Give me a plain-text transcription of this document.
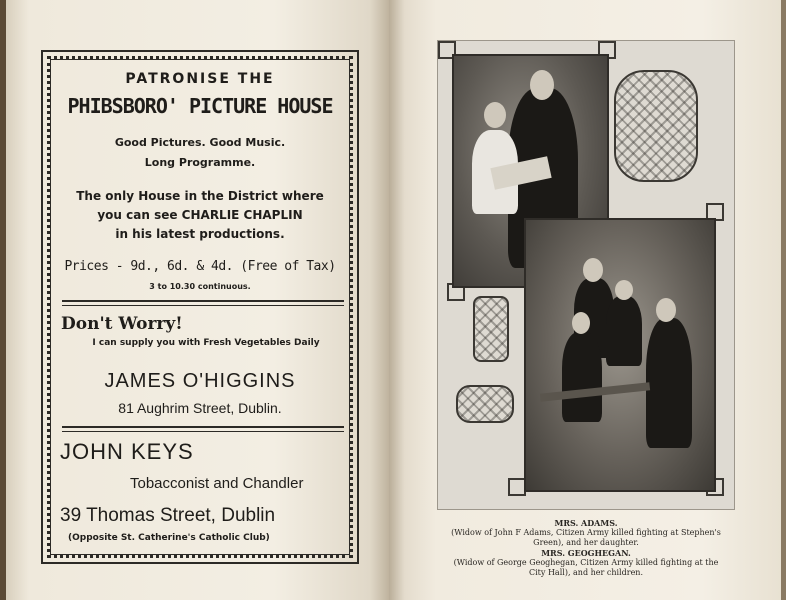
PATRONISE THE
PHIBSBORO' PICTURE HOUSE
Good Pictures. Good Music.
Long Programme.
The only House in the District where
you can see CHARLIE CHAPLIN
in his latest productions.
Prices - 9d., 6d. & 4d. (Free of Tax)
3 to 10.30 continuous.
Don't Worry!
I can supply you with Fresh Vegetables Daily
JAMES O'HIGGINS
81 Aughrim Street, Dublin.
JOHN KEYS
Tobacconist and Chandler
39 Thomas Street, Dublin
(Opposite St. Catherine's Catholic Club)
MRS. ADAMS.
(Widow of John F Adams, Citizen Army killed fighting at Stephen's
Green), and her daughter.
MRS. GEOGHEGAN.
(Widow of George Geoghegan, Citizen Army killed fighting at the
City Hall), and her children.
